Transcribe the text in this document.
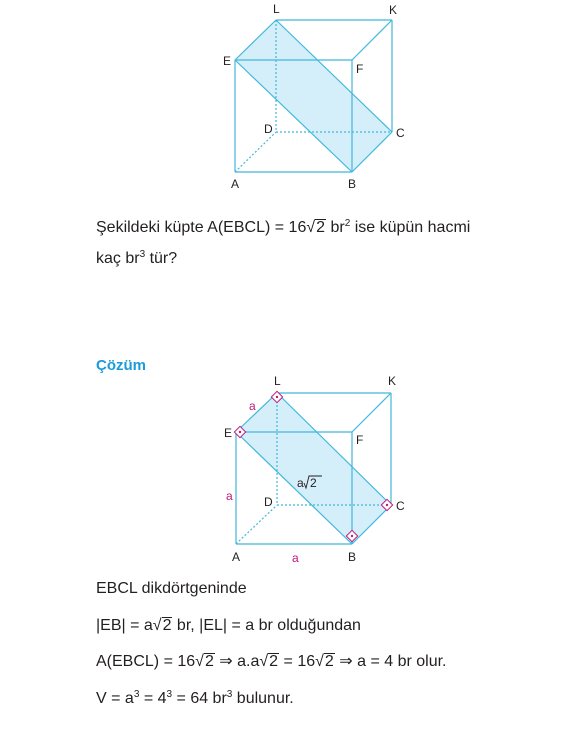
L	K
E
F
D	C
A	B
L	K
E	F
D	C
A	B
a
a
a
a 2
Şekildeki küpte A(EBCL) = 16√2 $br^2$ ise küpün hacmi
kaç $br^3$ tür?
Çözüm
EBCL dikdörtgeninde
|EB| = a√2 br, |EL| = a br olduğundan
A(EBCL) = 16√2 ⇒ a.a√2 = 16√2 ⇒ a = 4 br olur.
$V = a^3 = 4^3 = 64$ $br^3$ bulunur.
